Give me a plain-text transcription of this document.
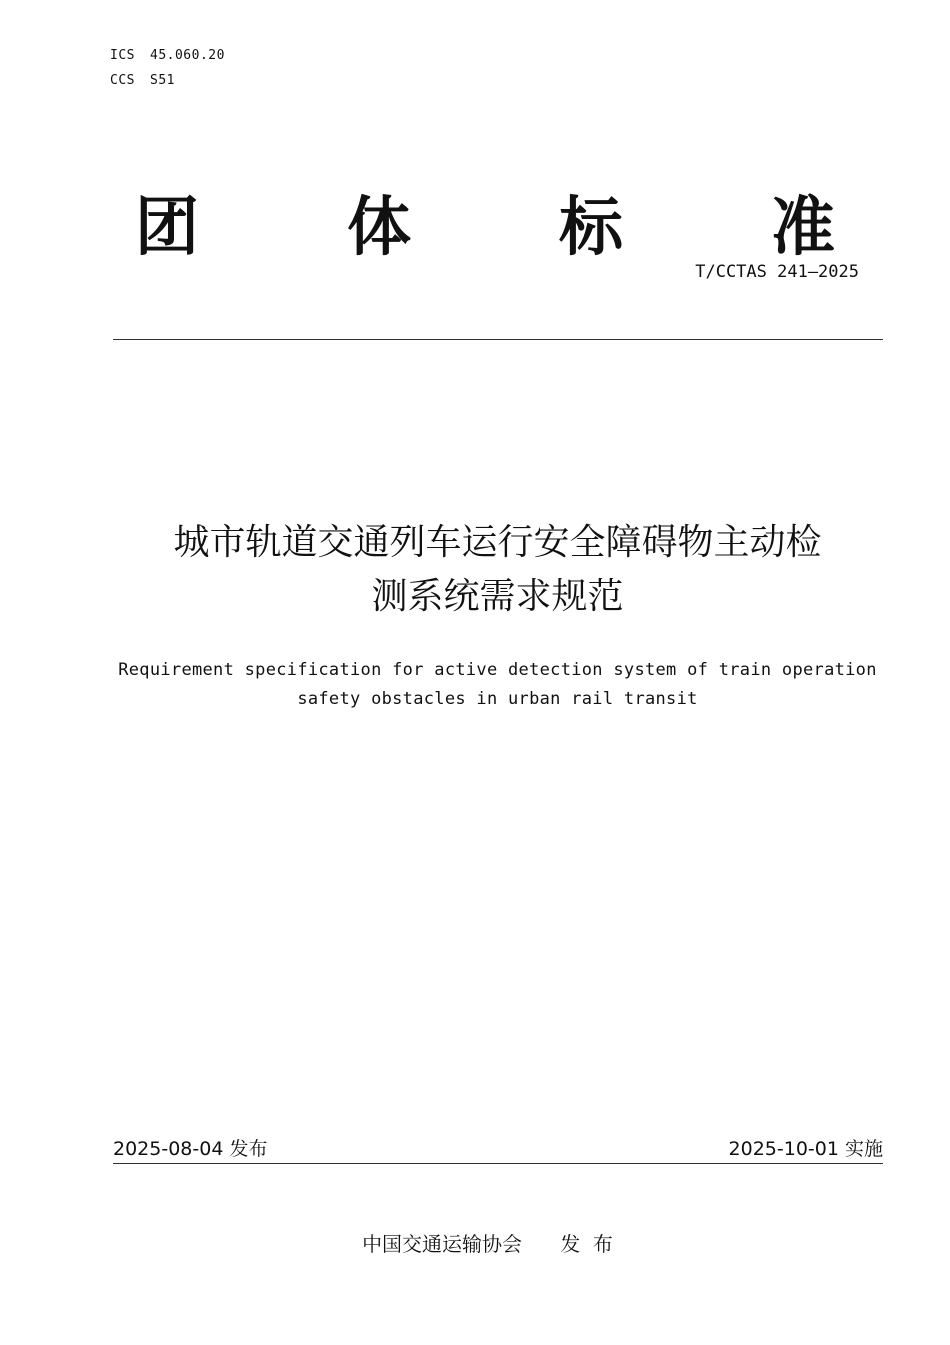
ICS 45.060.20
CCS S51
团 体 标 准
T/CCTAS 241—2025
城市轨道交通列车运行安全障碍物主动检
测系统需求规范
Requirement specification for active detection system of train operation
safety obstacles in urban rail transit
2025-08-04 发布	2025-10-01 实施
中国交通运输协会 发  布
